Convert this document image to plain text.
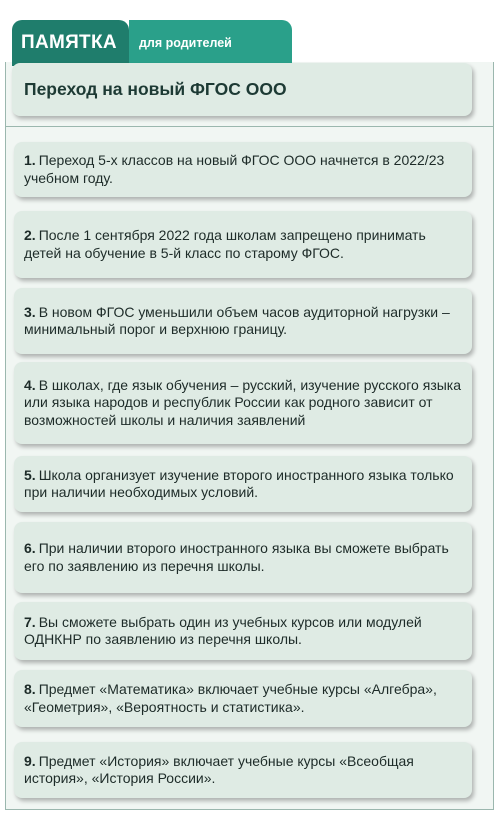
ПАМЯТКА	для родителей
Переход на новый ФГОС ООО
1. Переход 5-х классов на новый ФГОС ООО начнется в 2022/23 учебном году.
2. После 1 сентября 2022 года школам запрещено принимать детей на обучение в 5-й класс по старому ФГОС.
3. В новом ФГОС уменьшили объем часов аудиторной нагрузки – минимальный порог и верхнюю границу.
4. В школах, где язык обучения – русский, изучение русского языка или языка народов и республик России как родного зависит от возможностей школы и наличия заявлений
5. Школа организует изучение второго иностранного языка только при наличии необходимых условий.
6. При наличии второго иностранного языка вы сможете выбрать его по заявлению из перечня школы.
7. Вы сможете выбрать один из учебных курсов или модулей ОДНКНР по заявлению из перечня школы.
8. Предмет «Математика» включает учебные курсы «Алгебра», «Геометрия», «Вероятность и статистика».
9. Предмет «История» включает учебные курсы «Всеобщая история», «История России».
